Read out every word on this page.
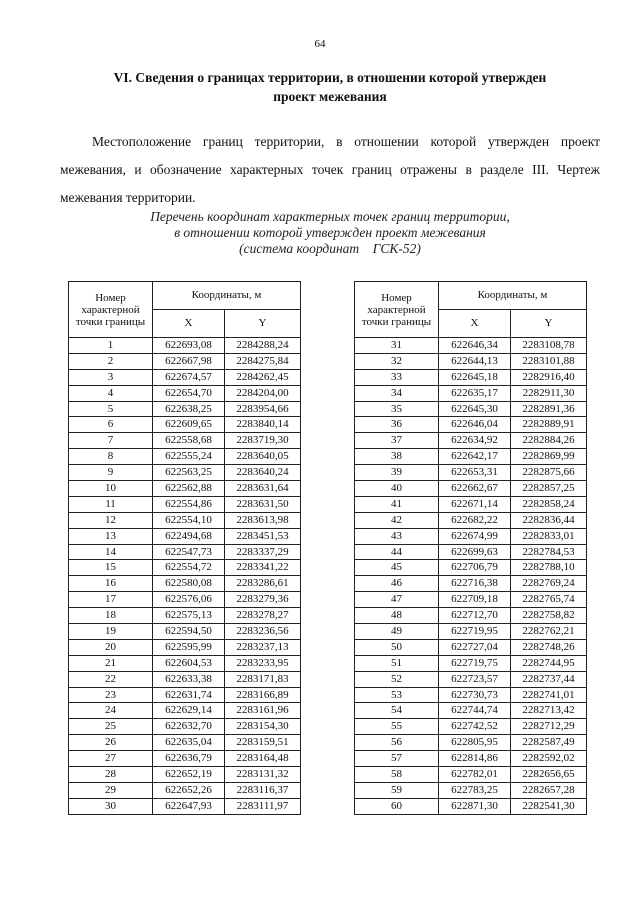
64
VI. Сведения о границах территории, в отношении которой утвержден
проект межевания
Местоположение границ территории, в отношении которой утвержден проект межевания, и обозначение характерных точек границ отражены в разделе III. Чертеж межевания территории.
Перечень координат характерных точек границ территории,
в отношении которой утвержден проект межевания
(система координат    ГСК-52)
Номер характерной точки границы	Координаты, м	
	X	Y
1	622693,08	2284288,24
2	622667,98	2284275,84
3	622674,57	2284262,45
4	622654,70	2284204,00
5	622638,25	2283954,66
6	622609,65	2283840,14
7	622558,68	2283719,30
8	622555,24	2283640,05
9	622563,25	2283640,24
10	622562,88	2283631,64
11	622554,86	2283631,50
12	622554,10	2283613,98
13	622494,68	2283451,53
14	622547,73	2283337,29
15	622554,72	2283341,22
16	622580,08	2283286,61
17	622576,06	2283279,36
18	622575,13	2283278,27
19	622594,50	2283236,56
20	622595,99	2283237,13
21	622604,53	2283233,95
22	622633,38	2283171,83
23	622631,74	2283166,89
24	622629,14	2283161,96
25	622632,70	2283154,30
26	622635,04	2283159,51
27	622636,79	2283164,48
28	622652,19	2283131,32
29	622652,26	2283116,37
30	622647,93	2283111,97
Номер характерной точки границы	Координаты, м	
	X	Y
31	622646,34	2283108,78
32	622644,13	2283101,88
33	622645,18	2282916,40
34	622635,17	2282911,30
35	622645,30	2282891,36
36	622646,04	2282889,91
37	622634,92	2282884,26
38	622642,17	2282869,99
39	622653,31	2282875,66
40	622662,67	2282857,25
41	622671,14	2282858,24
42	622682,22	2282836,44
43	622674,99	2282833,01
44	622699,63	2282784,53
45	622706,79	2282788,10
46	622716,38	2282769,24
47	622709,18	2282765,74
48	622712,70	2282758,82
49	622719,95	2282762,21
50	622727,04	2282748,26
51	622719,75	2282744,95
52	622723,57	2282737,44
53	622730,73	2282741,01
54	622744,74	2282713,42
55	622742,52	2282712,29
56	622805,95	2282587,49
57	622814,86	2282592,02
58	622782,01	2282656,65
59	622783,25	2282657,28
60	622871,30	2282541,30
